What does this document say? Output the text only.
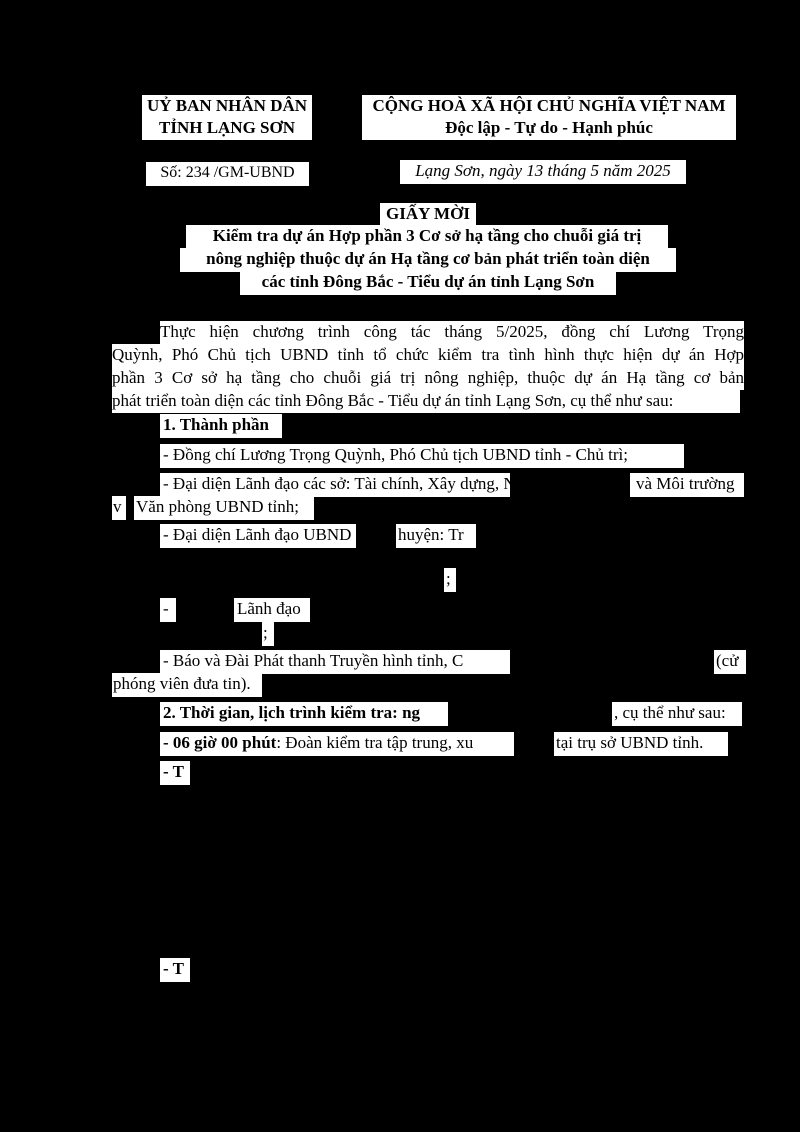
UỶ BAN NHÂN DÂN
TỈNH LẠNG SƠN
CỘNG HOÀ XÃ HỘI CHỦ NGHĨA VIỆT NAM
Độc lập - Tự do - Hạnh phúc
Số: 234 /GM-UBND	Lạng Sơn, ngày 13 tháng 5 năm 2025
GIẤY MỜI
Kiểm tra dự án Hợp phần 3 Cơ sở hạ tầng cho chuỗi giá trị
nông nghiệp thuộc dự án Hạ tầng cơ bản phát triển toàn diện
các tỉnh Đông Bắc - Tiểu dự án tỉnh Lạng Sơn
Thực hiện chương trình công tác tháng 5/2025, đồng chí Lương Trọng
Quỳnh, Phó Chủ tịch UBND tỉnh tổ chức kiểm tra tình hình thực hiện dự án Hợp
phần 3 Cơ sở hạ tầng cho chuỗi giá trị nông nghiệp, thuộc dự án Hạ tầng cơ bản
phát triển toàn diện các tỉnh Đông Bắc - Tiểu dự án tỉnh Lạng Sơn, cụ thể như sau:
1. Thành phần
- Đồng chí Lương Trọng Quỳnh, Phó Chủ tịch UBND tỉnh - Chủ trì;
- Đại diện Lãnh đạo các sở: Tài chính, Xây dựng, N	và Môi trường
v Văn phòng UBND tỉnh;
- Đại diện Lãnh đạo UBND c huyện: Tr
;
-	Lãnh đạo
;
- Báo và Đài Phát thanh Truyền hình tỉnh, C	(cử
phóng viên đưa tin).
2. Thời gian, lịch trình kiểm tra: ng	, cụ thể như sau:
- 06 giờ 00 phút: Đoàn kiểm tra tập trung, xu	tại trụ sở UBND tỉnh.
- T
- T
